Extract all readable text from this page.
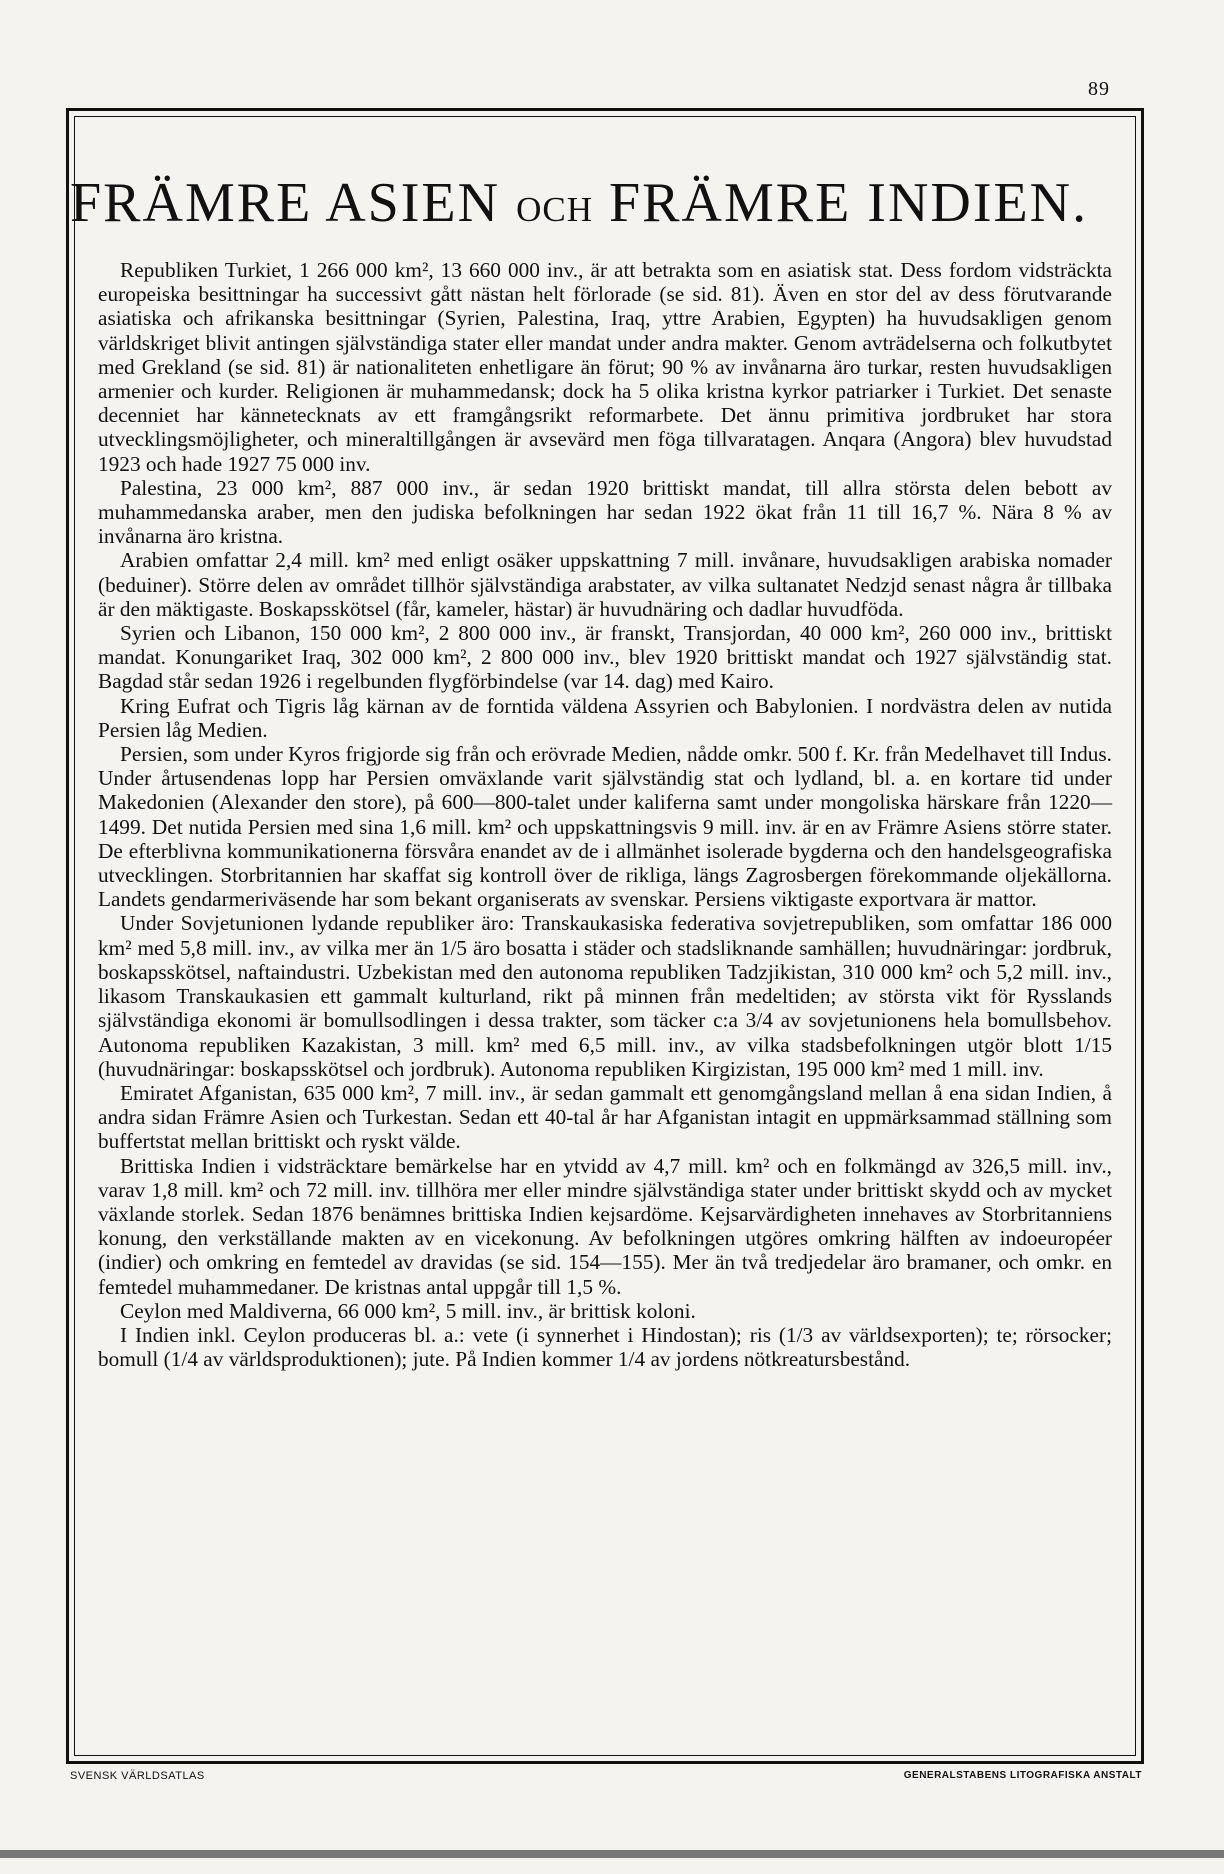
89
FRÄMRE ASIEN OCH FRÄMRE INDIEN.

Republiken Turkiet, 1 266 000 km², 13 660 000 inv., är att betrakta som en asiatisk stat. Dess fordom vidsträckta europeiska besittningar ha successivt gått nästan helt förlorade (se sid. 81). Även en stor del av dess förutvarande asiatiska och afrikanska besittningar (Syrien, Palestina, Iraq, yttre Arabien, Egypten) ha huvudsakligen genom världskriget blivit antingen självständiga stater eller mandat under andra makter. Genom avträdelserna och folkutbytet med Grekland (se sid. 81) är nationaliteten enhetligare än förut; 90 % av invånarna äro turkar, resten huvudsakligen armenier och kurder. Religionen är muhammedansk; dock ha 5 olika kristna kyrkor patriarker i Turkiet. Det senaste decenniet har kännetecknats av ett framgångsrikt reformarbete. Det ännu primitiva jordbruket har stora utvecklingsmöjligheter, och mineraltillgången är avsevärd men föga tillvaratagen. Anqara (Angora) blev huvudstad 1923 och hade 1927 75 000 inv.

Palestina, 23 000 km², 887 000 inv., är sedan 1920 brittiskt mandat, till allra största delen bebott av muhammedanska araber, men den judiska befolkningen har sedan 1922 ökat från 11 till 16,7 %. Nära 8 % av invånarna äro kristna.

Arabien omfattar 2,4 mill. km² med enligt osäker uppskattning 7 mill. invånare, huvudsakligen arabiska nomader (beduiner). Större delen av området tillhör självständiga arabstater, av vilka sultanatet Nedzjd senast några år tillbaka är den mäktigaste. Boskapsskötsel (får, kameler, hästar) är huvudnäring och dadlar huvudföda.

Syrien och Libanon, 150 000 km², 2 800 000 inv., är franskt, Transjordan, 40 000 km², 260 000 inv., brittiskt mandat. Konungariket Iraq, 302 000 km², 2 800 000 inv., blev 1920 brittiskt mandat och 1927 självständig stat. Bagdad står sedan 1926 i regelbunden flygförbindelse (var 14. dag) med Kairo.

Kring Eufrat och Tigris låg kärnan av de forntida väldena Assyrien och Babylonien. I nordvästra delen av nutida Persien låg Medien.

Persien, som under Kyros frigjorde sig från och erövrade Medien, nådde omkr. 500 f. Kr. från Medelhavet till Indus. Under årtusendenas lopp har Persien omväxlande varit självständig stat och lydland, bl. a. en kortare tid under Makedonien (Alexander den store), på 600—800-talet under kaliferna samt under mongoliska härskare från 1220—1499. Det nutida Persien med sina 1,6 mill. km² och uppskattningsvis 9 mill. inv. är en av Främre Asiens större stater. De efterblivna kommunikationerna försvåra enandet av de i allmänhet isolerade bygderna och den handelsgeografiska utvecklingen. Storbritannien har skaffat sig kontroll över de rikliga, längs Zagrosbergen förekommande oljekällorna. Landets gendarmeriväsende har som bekant organiserats av svenskar. Persiens viktigaste exportvara är mattor.

Under Sovjetunionen lydande republiker äro: Transkaukasiska federativa sovjetrepubliken, som omfattar 186 000 km² med 5,8 mill. inv., av vilka mer än 1/5 äro bosatta i städer och stadsliknande samhällen; huvudnäringar: jordbruk, boskapsskötsel, naftaindustri. Uzbekistan med den autonoma republiken Tadzjikistan, 310 000 km² och 5,2 mill. inv., likasom Transkaukasien ett gammalt kulturland, rikt på minnen från medeltiden; av största vikt för Rysslands självständiga ekonomi är bomullsodlingen i dessa trakter, som täcker c:a 3/4 av sovjetunionens hela bomullsbehov. Autonoma republiken Kazakistan, 3 mill. km² med 6,5 mill. inv., av vilka stadsbefolkningen utgör blott 1/15 (huvudnäringar: boskapsskötsel och jordbruk). Autonoma republiken Kirgizistan, 195 000 km² med 1 mill. inv.

Emiratet Afganistan, 635 000 km², 7 mill. inv., är sedan gammalt ett genomgångsland mellan å ena sidan Indien, å andra sidan Främre Asien och Turkestan. Sedan ett 40-tal år har Afganistan intagit en uppmärksammad ställning som buffertstat mellan brittiskt och ryskt välde.

Brittiska Indien i vidsträcktare bemärkelse har en ytvidd av 4,7 mill. km² och en folkmängd av 326,5 mill. inv., varav 1,8 mill. km² och 72 mill. inv. tillhöra mer eller mindre självständiga stater under brittiskt skydd och av mycket växlande storlek. Sedan 1876 benämnes brittiska Indien kejsardöme. Kejsarvärdigheten innehaves av Storbritanniens konung, den verkställande makten av en vicekonung. Av befolkningen utgöres omkring hälften av indoeuropéer (indier) och omkring en femtedel av dravidas (se sid. 154—155). Mer än två tredjedelar äro bramaner, och omkr. en femtedel muhammedaner. De kristnas antal uppgår till 1,5 %.

Ceylon med Maldiverna, 66 000 km², 5 mill. inv., är brittisk koloni.

I Indien inkl. Ceylon produceras bl. a.: vete (i synnerhet i Hindostan); ris (1/3 av världsexporten); te; rörsocker; bomull (1/4 av världsproduktionen); jute. På Indien kommer 1/4 av jordens nötkreatursbestånd.

SVENSK VÄRLDSATLAS	GENERALSTABENS LITOGRAFISKA ANSTALT
